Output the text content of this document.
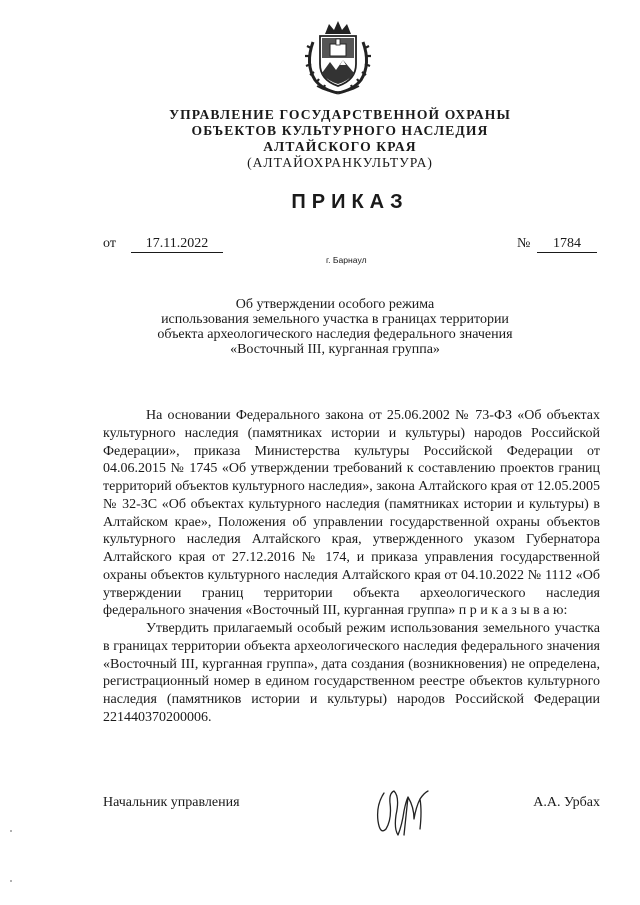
УПРАВЛЕНИЕ ГОСУДАРСТВЕННОЙ ОХРАНЫ
ОБЪЕКТОВ КУЛЬТУРНОГО НАСЛЕДИЯ
АЛТАЙСКОГО КРАЯ
(АЛТАЙОХРАНКУЛЬТУРА)
ПРИКАЗ
от	17.11.2022	№	1784
г. Барнаул
Об утверждении особого режима
использования земельного участка в границах территории
объекта археологического наследия федерального значения
«Восточный III, курганная группа»

На основании Федерального закона от 25.06.2002 № 73-ФЗ «Об объектах культурного наследия (памятниках истории и культуры) народов Российской Федерации», приказа Министерства культуры Российской Федерации от 04.06.2015 № 1745 «Об утверждении требований к составлению проектов границ территорий объектов культурного наследия», закона Алтайского края от 12.05.2005 № 32-ЗС «Об объектах культурного наследия (памятниках истории и культуры) в Алтайском крае», Положения об управлении государственной охраны объектов культурного наследия Алтайского края, утвержденного указом Губернатора Алтайского края от 27.12.2016 № 174, и приказа управления государственной охраны объектов культурного наследия Алтайского края от 04.10.2022 № 1112 «Об утверждении границ территории объекта археологического наследия федерального значения «Восточный III, курганная группа» п р и к а з ы в а ю:

Утвердить прилагаемый особый режим использования земельного участка в границах территории объекта археологического наследия федерального значения «Восточный III, курганная группа», дата создания (возникновения) не определена, регистрационный номер в едином государственном реестре объектов культурного наследия (памятников истории и культуры) народов Российской Федерации 221440370200006.

Начальник управления	А.А. Урбах
